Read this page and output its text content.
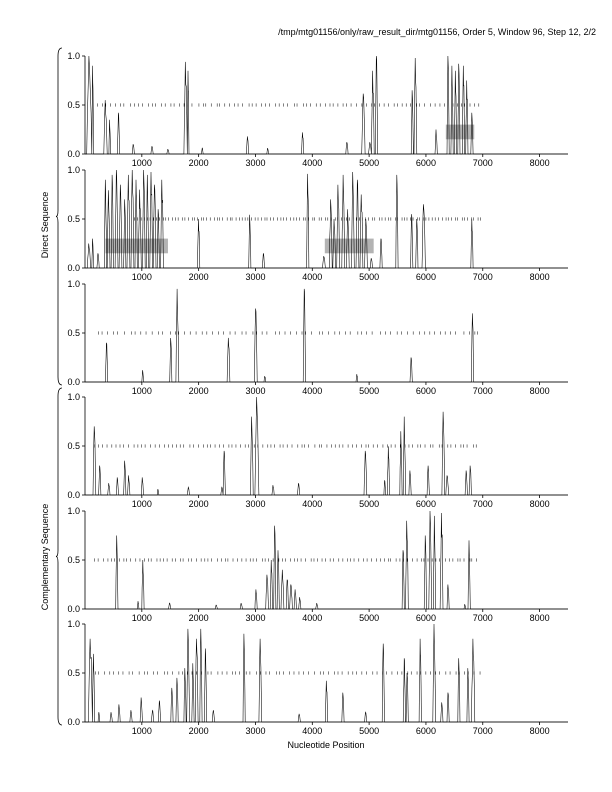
/tmp/mtg01156/only/raw_result_dir/mtg01156, Order 5, Window 96, Step 12, 2/2
0.0
0.5
1.0
1000	2000	3000	4000	5000	6000	7000	8000
0.0
0.5
1.0
1000	2000	3000	4000	5000	6000	7000	8000
0.0
0.5
1.0
1000	2000	3000	4000	5000	6000	7000	8000
0.0
0.5
1.0
1000	2000	3000	4000	5000	6000	7000	8000
0.0
0.5
1.0
1000	2000	3000	4000	5000	6000	7000	8000
0.0
0.5
1.0
1000	2000	3000	4000	5000	6000	7000	8000
Direct Sequence
Complementary Sequence
Nucleotide Position
